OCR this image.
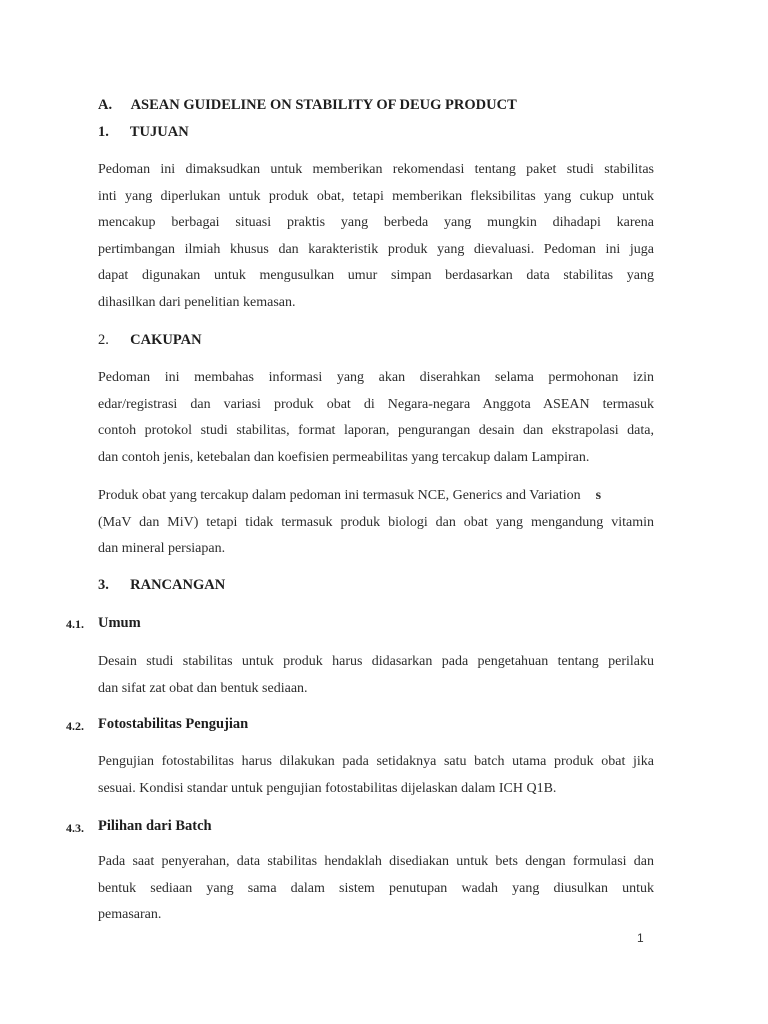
A. ASEAN GUIDELINE ON STABILITY OF DEUG PRODUCT
1. TUJUAN
Pedoman ini dimaksudkan untuk memberikan rekomendasi tentang paket studi stabilitas
inti yang diperlukan untuk produk obat, tetapi memberikan fleksibilitas yang cukup untuk
mencakup berbagai situasi praktis yang berbeda yang mungkin dihadapi karena
pertimbangan ilmiah khusus dan karakteristik produk yang dievaluasi. Pedoman ini juga
dapat digunakan untuk mengusulkan umur simpan berdasarkan data stabilitas yang
dihasilkan dari penelitian kemasan.
2. CAKUPAN
Pedoman ini membahas informasi yang akan diserahkan selama permohonan izin
edar/registrasi dan variasi produk obat di Negara-negara Anggota ASEAN termasuk
contoh protokol studi stabilitas, format laporan, pengurangan desain dan ekstrapolasi data,
dan contoh jenis, ketebalan dan koefisien permeabilitas yang tercakup dalam Lampiran.
Produk obat yang tercakup dalam pedoman ini termasuk NCE, Generics and Variation s
(MaV dan MiV) tetapi tidak termasuk produk biologi dan obat yang mengandung vitamin
dan mineral persiapan.
3. RANCANGAN
4.1. Umum
Desain studi stabilitas untuk produk harus didasarkan pada pengetahuan tentang perilaku
dan sifat zat obat dan bentuk sediaan.
4.2. Fotostabilitas Pengujian
Pengujian fotostabilitas harus dilakukan pada setidaknya satu batch utama produk obat jika
sesuai. Kondisi standar untuk pengujian fotostabilitas dijelaskan dalam ICH Q1B.
4.3. Pilihan dari Batch
Pada saat penyerahan, data stabilitas hendaklah disediakan untuk bets dengan formulasi dan
bentuk sediaan yang sama dalam sistem penutupan wadah yang diusulkan untuk
pemasaran.
1
